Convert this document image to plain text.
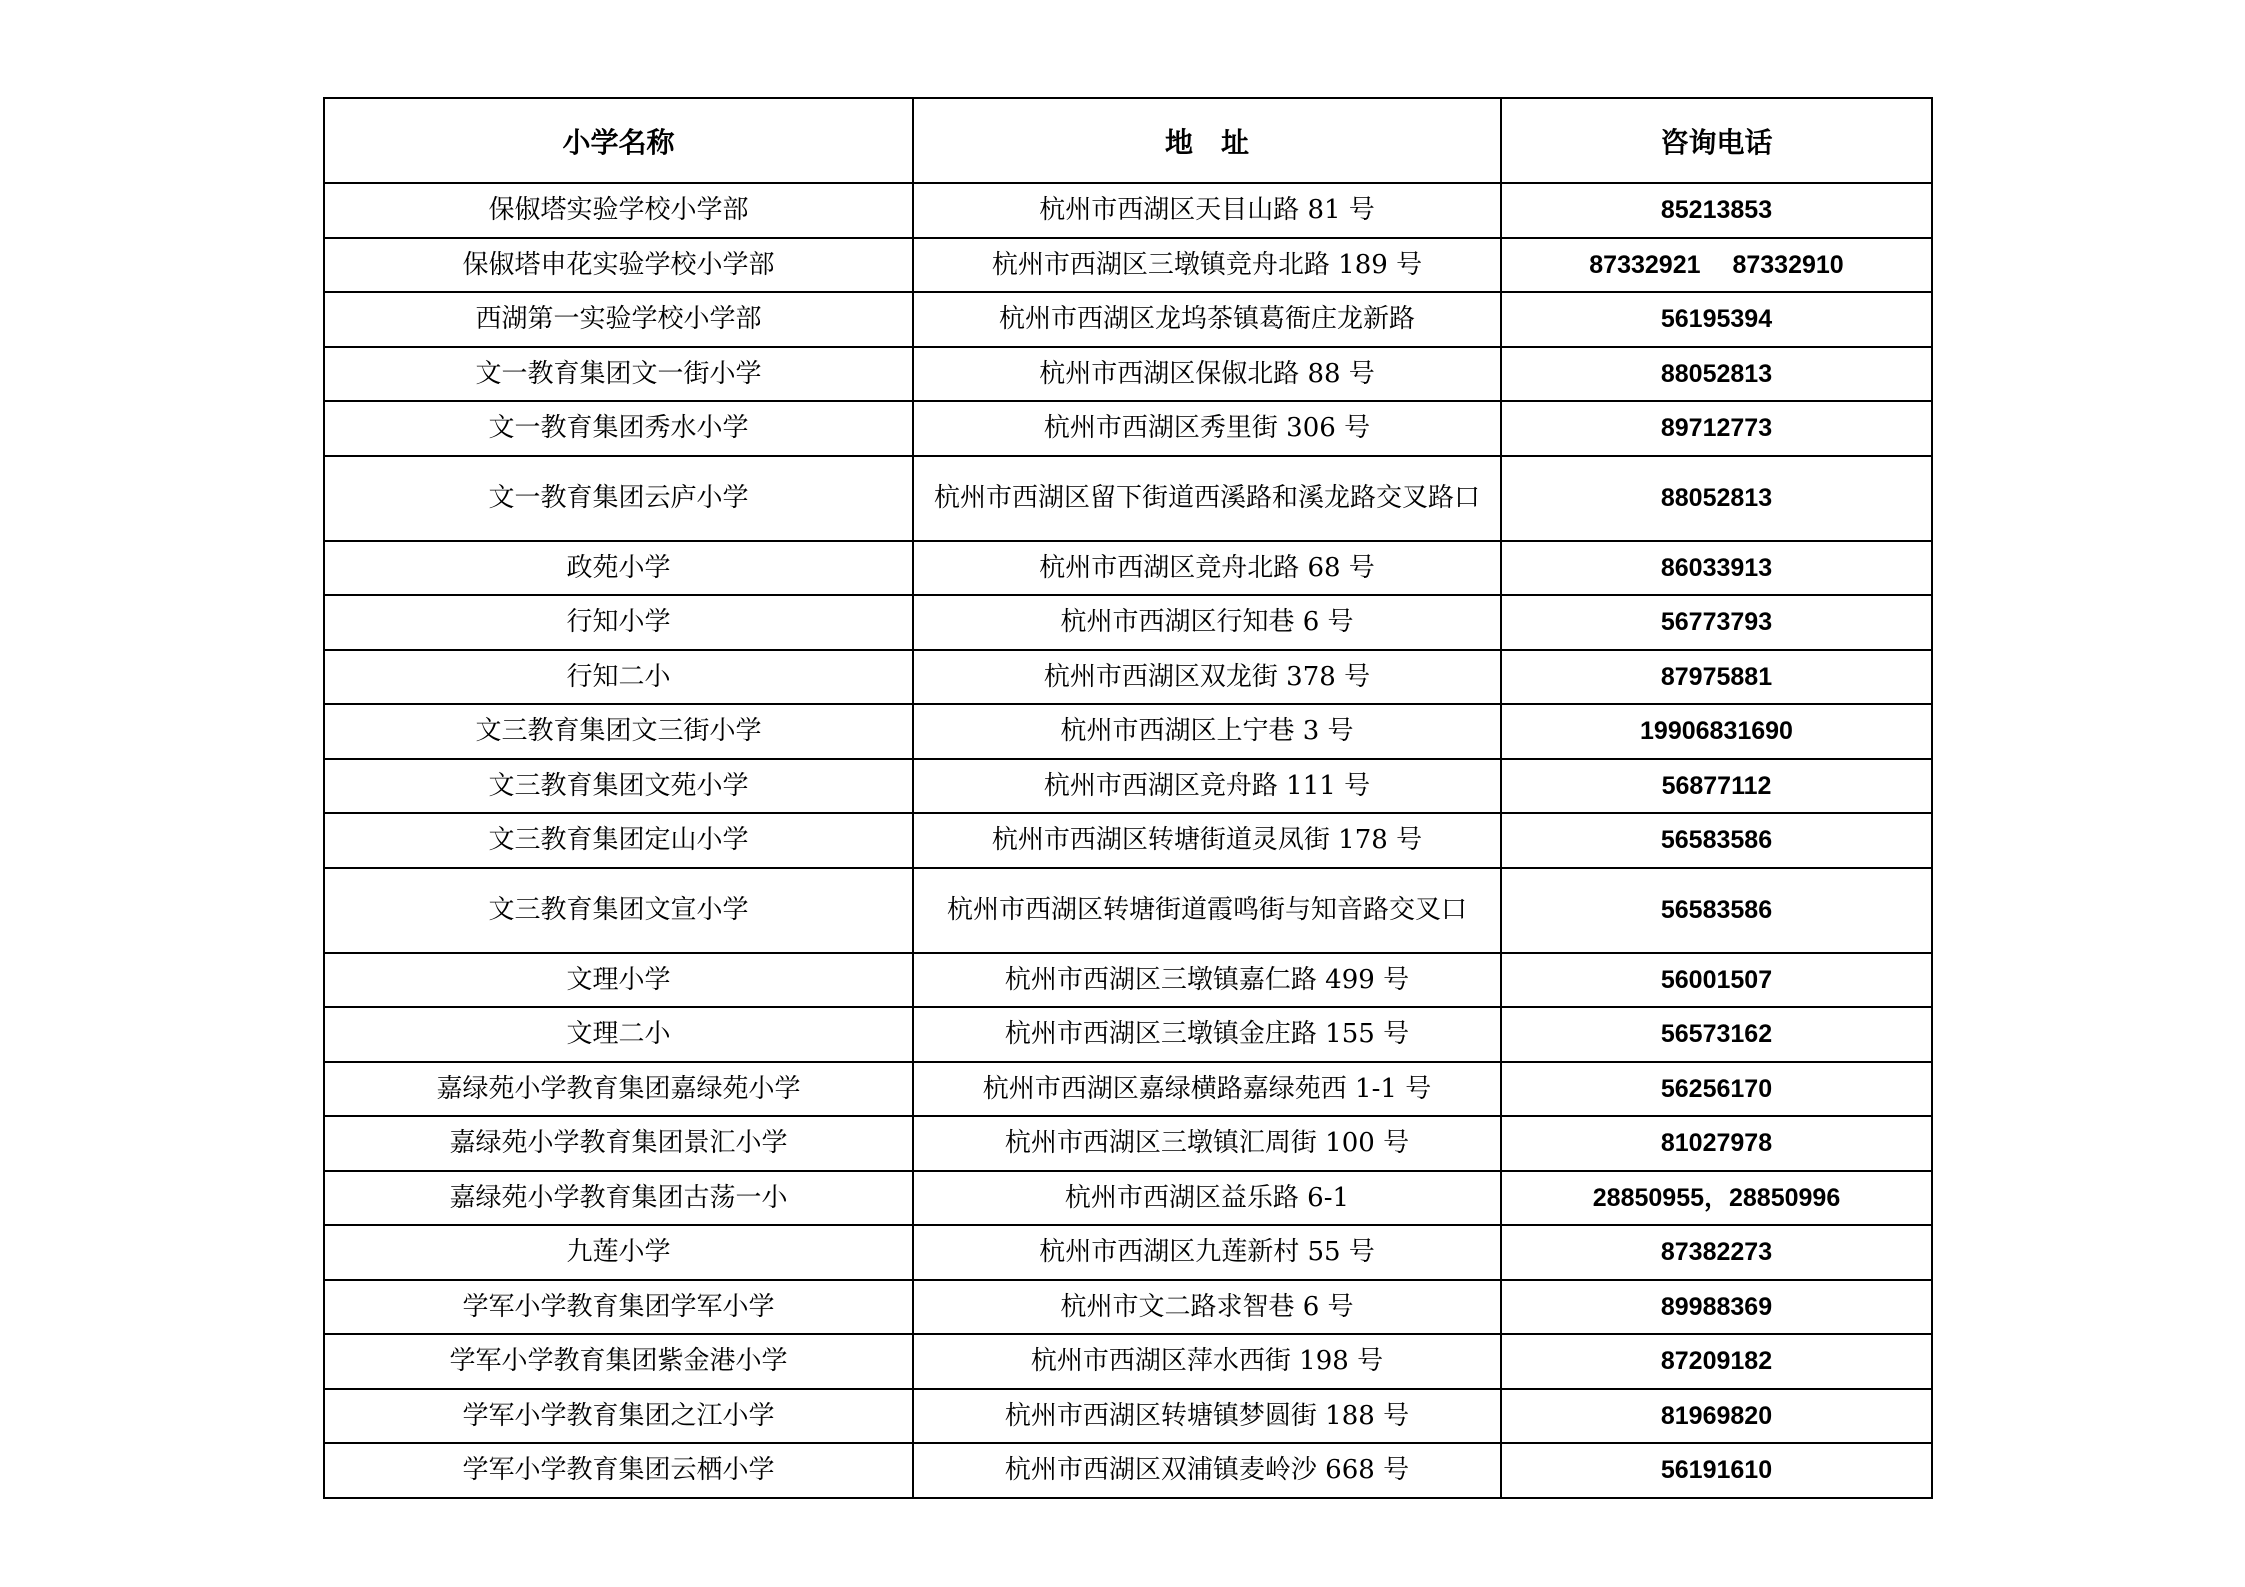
小学名称	地　址	咨询电话
保俶塔实验学校小学部	杭州市西湖区天目山路 81 号	85213853
保俶塔申花实验学校小学部	杭州市西湖区三墩镇竞舟北路 189 号	87332921　 87332910
西湖第一实验学校小学部	杭州市西湖区龙坞茶镇葛衙庄龙新路	56195394
文一教育集团文一街小学	杭州市西湖区保俶北路 88 号	88052813
文一教育集团秀水小学	杭州市西湖区秀里街 306 号	89712773
文一教育集团云庐小学	杭州市西湖区留下街道西溪路和溪龙路交叉路口	88052813
政苑小学	杭州市西湖区竞舟北路 68 号	86033913
行知小学	杭州市西湖区行知巷 6 号	56773793
行知二小	杭州市西湖区双龙街 378 号	87975881
文三教育集团文三街小学	杭州市西湖区上宁巷 3 号	19906831690
文三教育集团文苑小学	杭州市西湖区竞舟路 111 号	56877112
文三教育集团定山小学	杭州市西湖区转塘街道灵凤街 178 号	56583586
文三教育集团文宣小学	杭州市西湖区转塘街道霞鸣街与知音路交叉口	56583586
文理小学	杭州市西湖区三墩镇嘉仁路 499 号	56001507
文理二小	杭州市西湖区三墩镇金庄路 155 号	56573162
嘉绿苑小学教育集团嘉绿苑小学	杭州市西湖区嘉绿横路嘉绿苑西 1-1 号	56256170
嘉绿苑小学教育集团景汇小学	杭州市西湖区三墩镇汇周街 100 号	81027978
嘉绿苑小学教育集团古荡一小	杭州市西湖区益乐路 6-1	28850955，28850996
九莲小学	杭州市西湖区九莲新村 55 号	87382273
学军小学教育集团学军小学	杭州市文二路求智巷 6 号	89988369
学军小学教育集团紫金港小学	杭州市西湖区萍水西街 198 号	87209182
学军小学教育集团之江小学	杭州市西湖区转塘镇梦圆街 188 号	81969820
学军小学教育集团云栖小学	杭州市西湖区双浦镇麦岭沙 668 号	56191610
